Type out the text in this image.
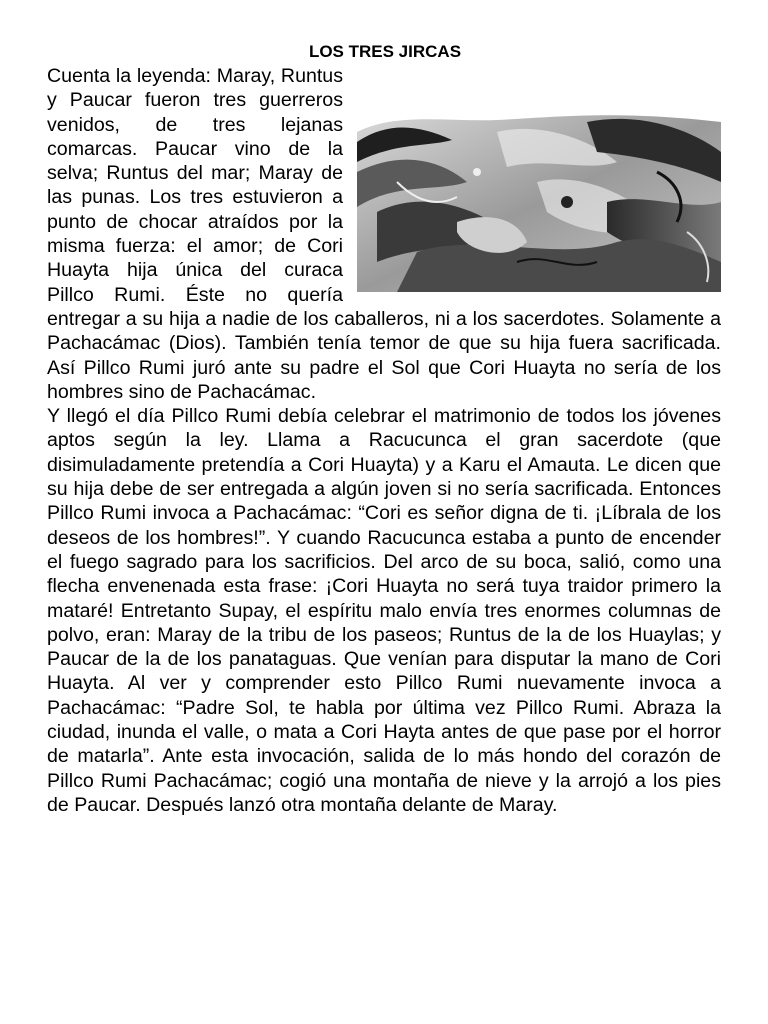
LOS TRES JIRCAS

Cuenta la leyenda: Maray, Runtus y Paucar fueron tres guerreros venidos, de tres lejanas comarcas. Paucar vino de la selva; Runtus del mar; Maray de las punas. Los tres estuvieron a punto de chocar atraídos por la misma fuerza: el amor; de Cori Huayta hija única del curaca Pillco Rumi. Éste no quería entregar a su hija a nadie de los caballeros, ni a los sacerdotes. Solamente a Pachacámac (Dios). También tenía temor de que su hija fuera sacrificada. Así Pillco Rumi juró ante su padre el Sol que Cori Huayta no sería de los hombres sino de Pachacámac.

Y llegó el día Pillco Rumi debía celebrar el matrimonio de todos los jóvenes aptos según la ley. Llama a Racucunca el gran sacerdote (que disimuladamente pretendía a Cori Huayta) y a Karu el Amauta. Le dicen que su hija debe de ser entregada a algún joven si no sería sacrificada. Entonces Pillco Rumi invoca a Pachacámac: “Cori es señor digna de ti. ¡Líbrala de los deseos de los hombres!”. Y cuando Racucunca estaba a punto de encender el fuego sagrado para los sacrificios. Del arco de su boca, salió, como una flecha envenenada esta frase: ¡Cori Huayta no será tuya traidor primero la mataré! Entretanto Supay, el espíritu malo envía tres enormes columnas de polvo, eran: Maray de la tribu de los paseos; Runtus de la de los Huaylas; y Paucar de la de los panataguas. Que venían para disputar la mano de Cori Huayta. Al ver y comprender esto Pillco Rumi nuevamente invoca a Pachacámac: “Padre Sol, te habla por última vez Pillco Rumi. Abraza la ciudad, inunda el valle, o mata a Cori Hayta antes de que pase por el horror de matarla”. Ante esta invocación, salida de lo más hondo del corazón de Pillco Rumi Pachacámac; cogió una montaña de nieve y la arrojó a los pies de Paucar. Después lanzó otra montaña delante de Maray.
